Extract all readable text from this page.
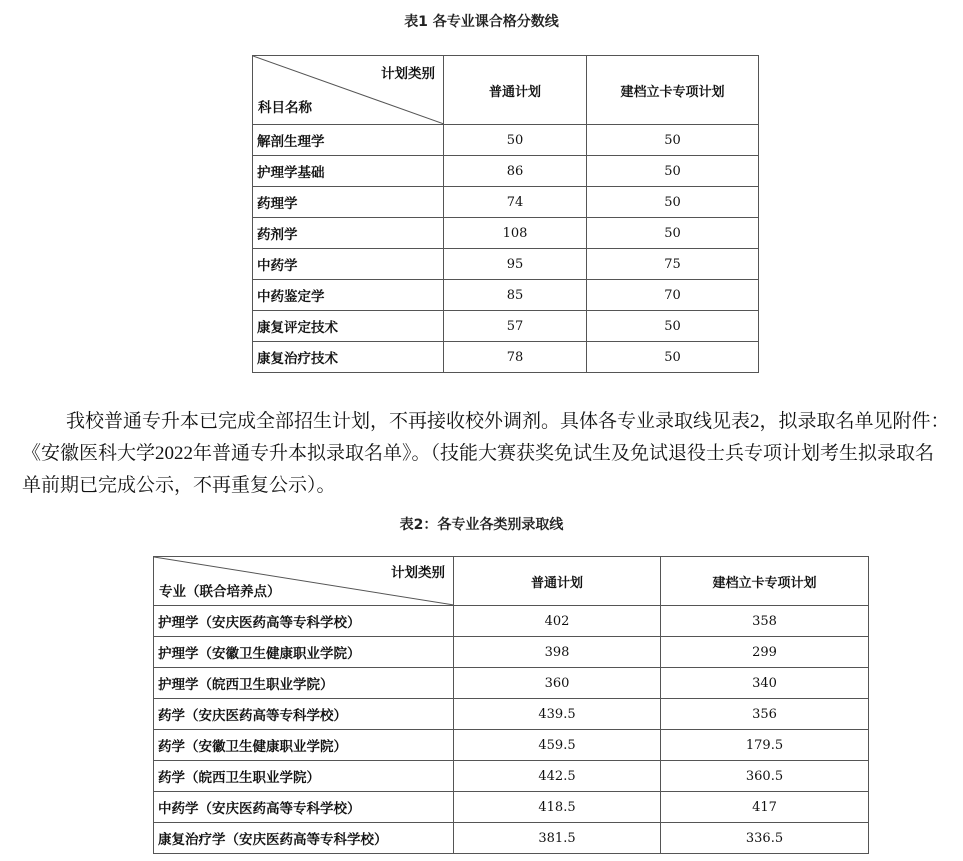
表1 各专业课合格分数线
计划类别
科目名称	普通计划	建档立卡专项计划
解剖生理学	50	50
护理学基础	86	50
药理学	74	50
药剂学	108	50
中药学	95	75
中药鉴定学	85	70
康复评定技术	57	50
康复治疗技术	78	50
我校普通专升本已完成全部招生计划，不再接收校外调剂。具体各专业录取线见表2，拟录取名单见附件：《安徽医科大学2022年普通专升本拟录取名单》。（技能大赛获奖免试生及免试退役士兵专项计划考生拟录取名单前期已完成公示，不再重复公示）。
表2：各专业各类别录取线
计划类别
专业（联合培养点）	普通计划	建档立卡专项计划
护理学（安庆医药高等专科学校）	402	358
护理学（安徽卫生健康职业学院）	398	299
护理学（皖西卫生职业学院）	360	340
药学（安庆医药高等专科学校）	439.5	356
药学（安徽卫生健康职业学院）	459.5	179.5
药学（皖西卫生职业学院）	442.5	360.5
中药学（安庆医药高等专科学校）	418.5	417
康复治疗学（安庆医药高等专科学校）	381.5	336.5
